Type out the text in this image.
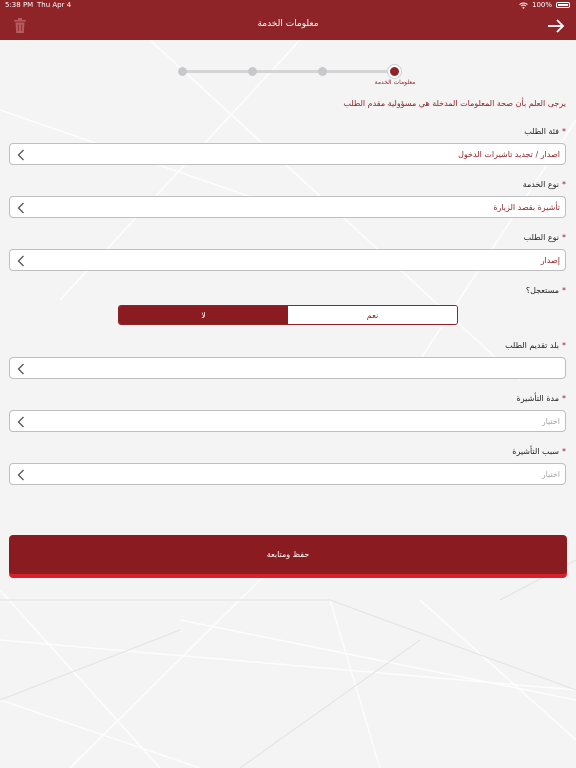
5:38 PM Thu Apr 4	100%
معلومات الخدمة
معلومات الخدمة
يرجى العلم بأن صحة المعلومات المدخلة هي مسؤولية مقدم الطلب
*فئة الطلب
اصدار / تجديد تاشيرات الدخول
*نوع الخدمة
تأشيرة بقصد الزيارة
*نوع الطلب
إصدار
*مستعجل؟
لا	نعم
*بلد تقديم الطلب
*مدة التأشيرة
اختيار
*سبب التأشيرة
اختيار
حفظ ومتابعة
